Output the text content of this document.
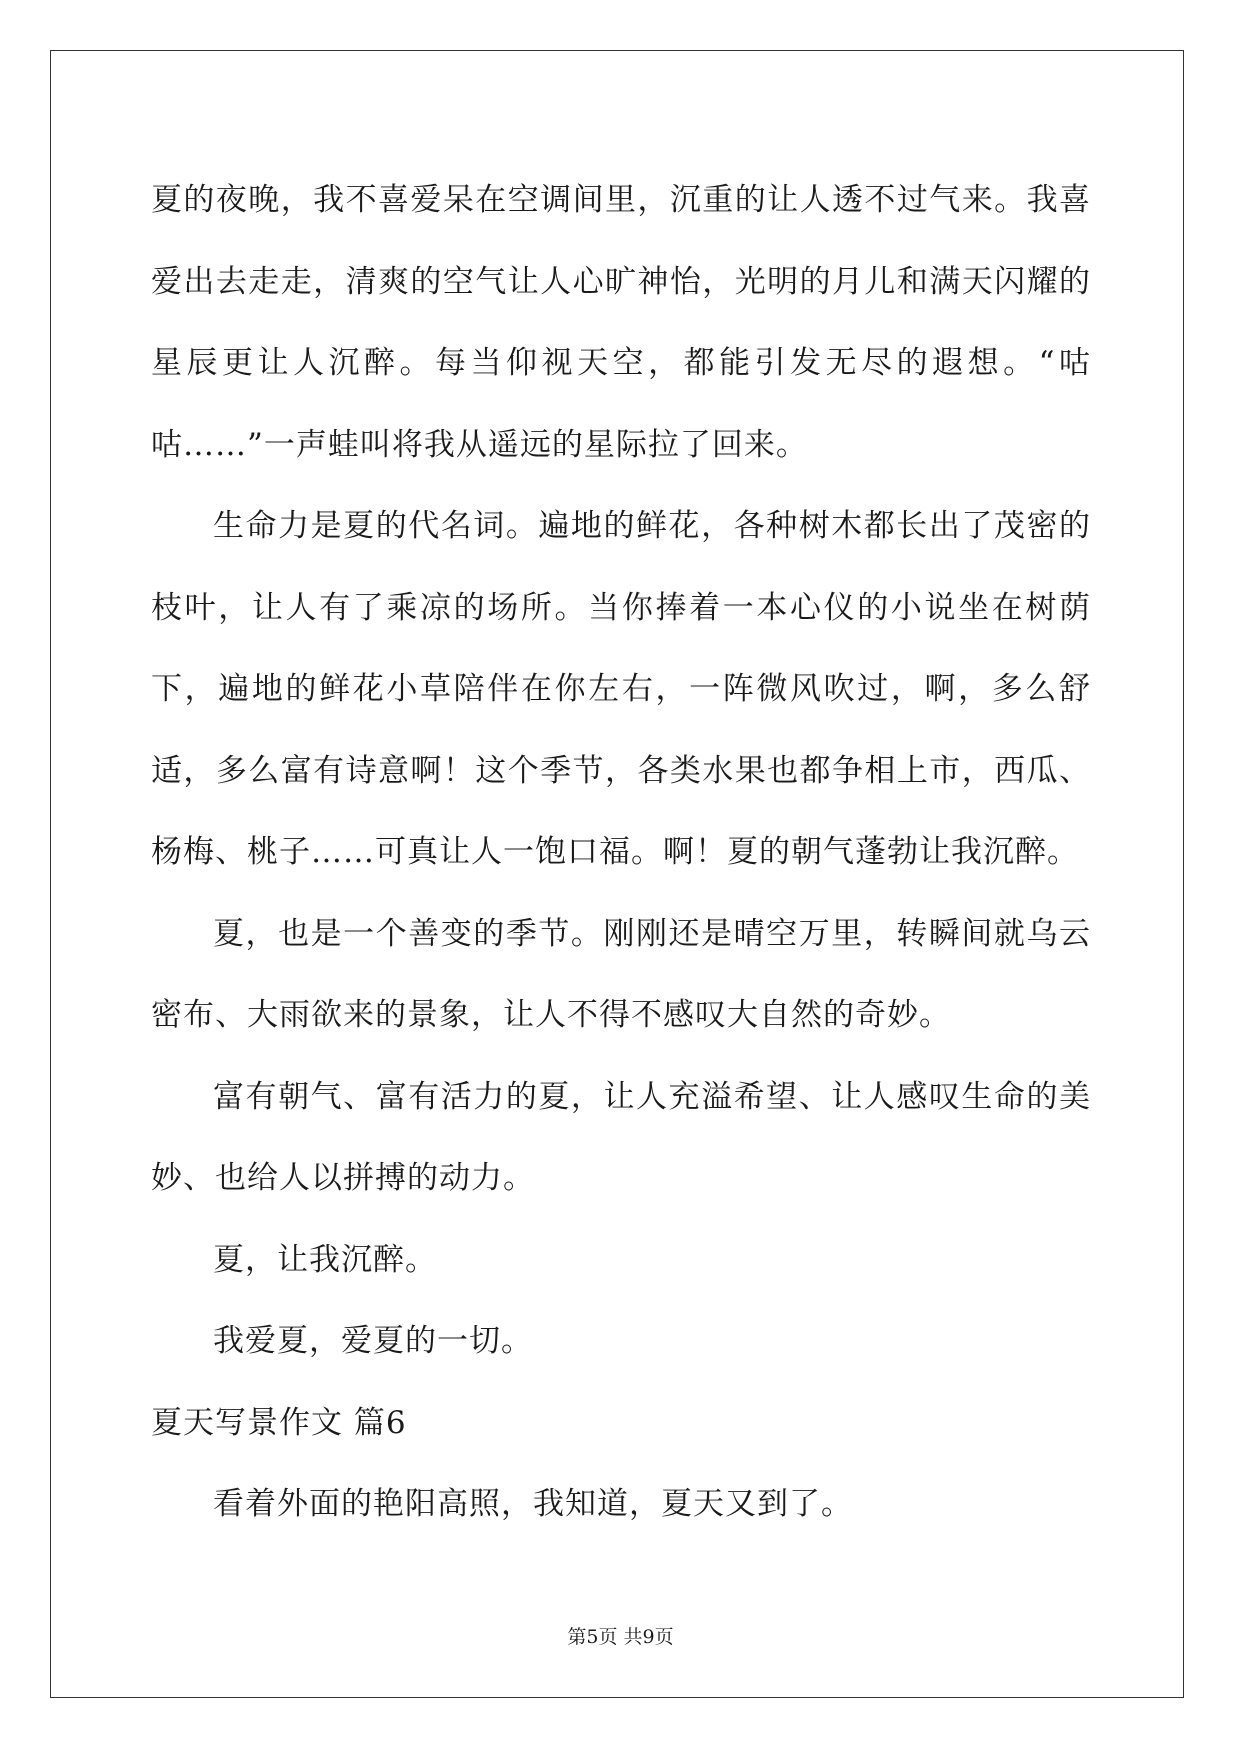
夏的夜晚，我不喜爱呆在空调间里，沉重的让人透不过气来。我喜爱出去走走，清爽的空气让人心旷神怡，光明的月儿和满天闪耀的星辰更让人沉醉。每当仰视天空，都能引发无尽的遐想。“咕咕……”一声蛙叫将我从遥远的星际拉了回来。

生命力是夏的代名词。遍地的鲜花，各种树木都长出了茂密的枝叶，让人有了乘凉的场所。当你捧着一本心仪的小说坐在树荫下，遍地的鲜花小草陪伴在你左右，一阵微风吹过，啊，多么舒适，多么富有诗意啊！这个季节，各类水果也都争相上市，西瓜、杨梅、桃子……可真让人一饱口福。啊！夏的朝气蓬勃让我沉醉。

夏，也是一个善变的季节。刚刚还是晴空万里，转瞬间就乌云密布、大雨欲来的景象，让人不得不感叹大自然的奇妙。

富有朝气、富有活力的夏，让人充溢希望、让人感叹生命的美妙、也给人以拼搏的动力。

夏，让我沉醉。

我爱夏，爱夏的一切。

夏天写景作文 篇6

看着外面的艳阳高照，我知道，夏天又到了。

第5页 共9页
